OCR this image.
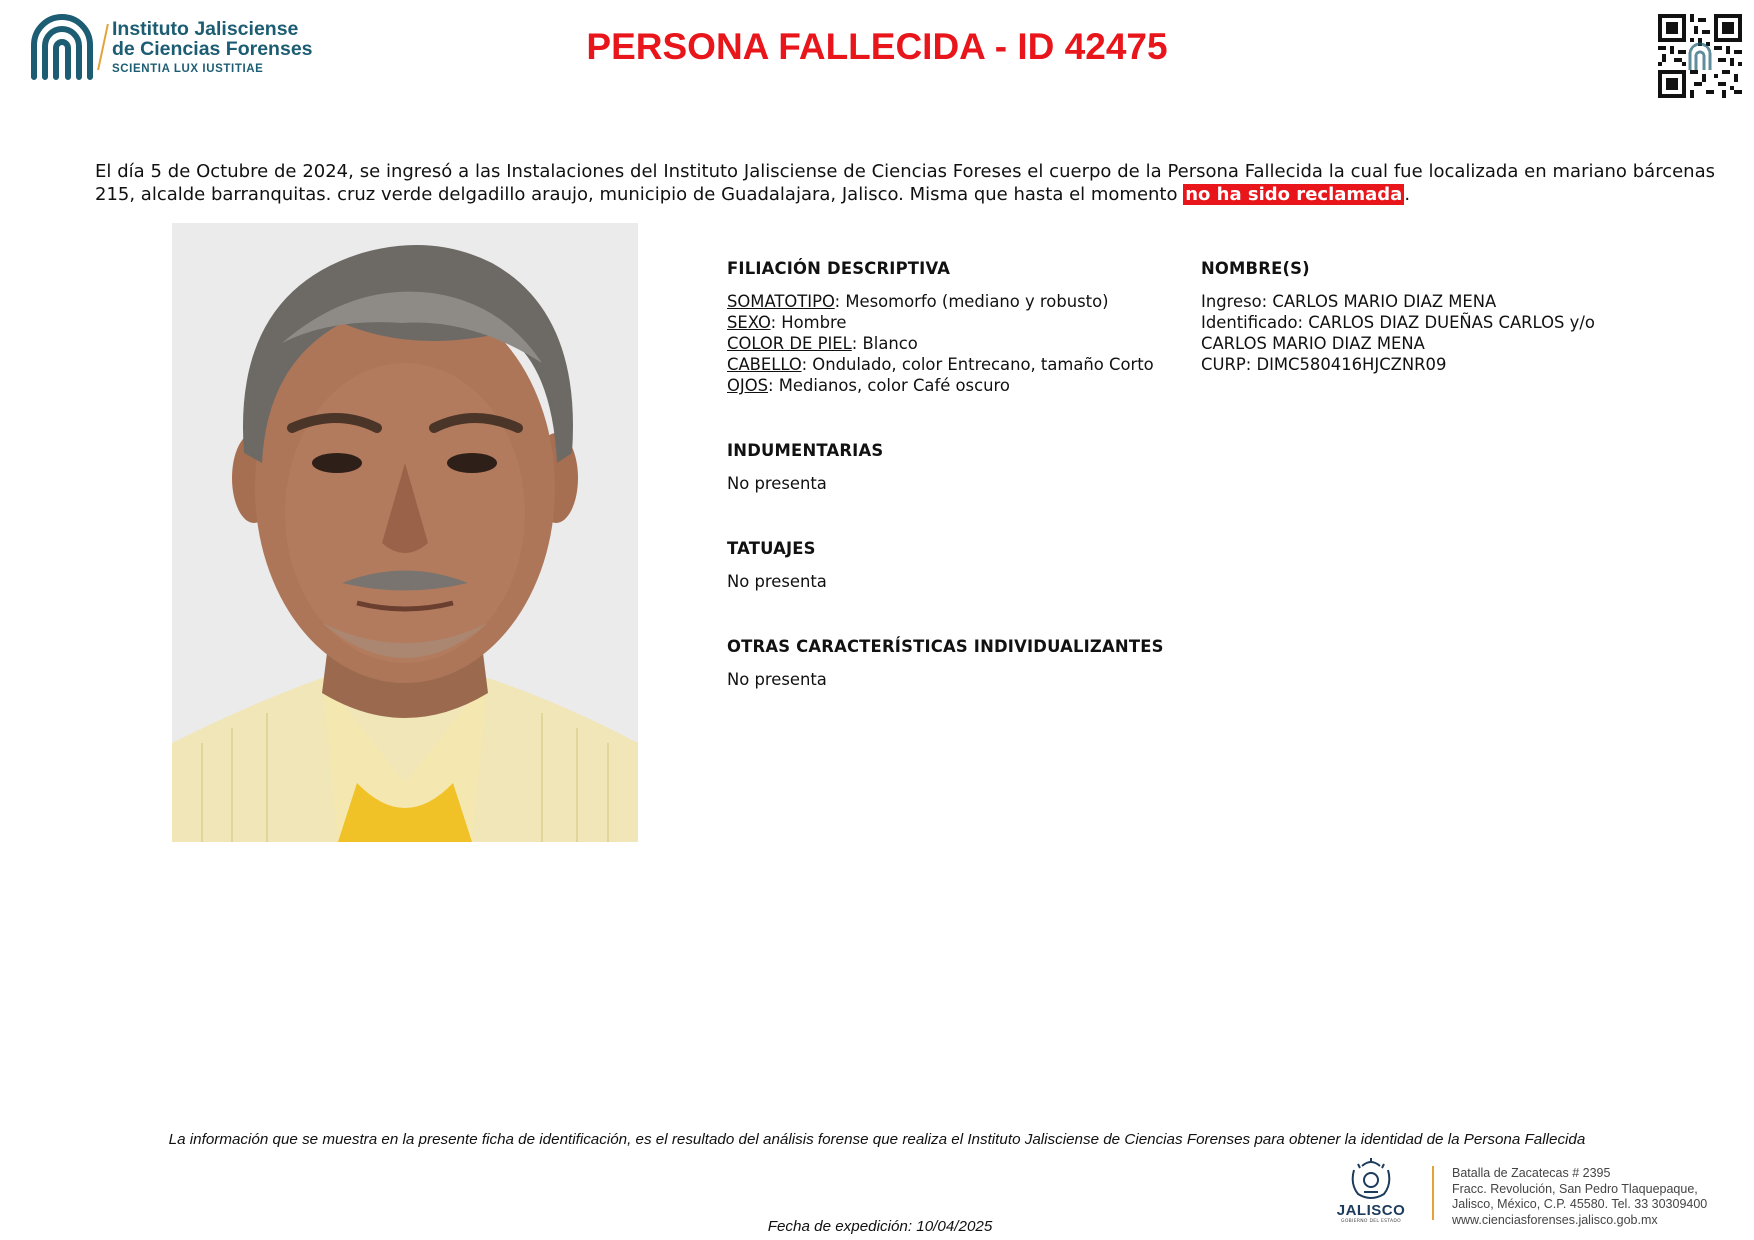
Instituto Jalisciense
de Ciencias Forenses
SCIENTIA LUX IUSTITIAE
PERSONA FALLECIDA - ID 42475

El día 5 de Octubre de 2024, se ingresó a las Instalaciones del Instituto Jalisciense de Ciencias Foreses el cuerpo de la Persona Fallecida la cual fue localizada en mariano bárcenas 215, alcalde barranquitas. cruz verde delgadillo araujo, municipio de Guadalajara, Jalisco. Misma que hasta el momento no ha sido reclamada .

FILIACIÓN DESCRIPTIVA
SOMATOTIPO: Mesomorfo (mediano y robusto)
SEXO: Hombre
COLOR DE PIEL: Blanco
CABELLO: Ondulado, color Entrecano, tamaño Corto
OJOS: Medianos, color Café oscuro
INDUMENTARIAS
No presenta
TATUAJES
No presenta
OTRAS CARACTERÍSTICAS INDIVIDUALIZANTES
No presenta
NOMBRE(S)
Ingreso: CARLOS MARIO DIAZ MENA
Identificado: CARLOS DIAZ DUEÑAS CARLOS y/o
CARLOS MARIO DIAZ MENA
CURP: DIMC580416HJCZNR09
La información que se muestra en la presente ficha de identificación, es el resultado del análisis forense que realiza el Instituto Jalisciense de Ciencias Forenses para obtener la identidad de la Persona Fallecida
Fecha de expedición: 10/04/2025
JALISCO
GOBIERNO DEL ESTADO
Batalla de Zacatecas # 2395
Fracc. Revolución, San Pedro Tlaquepaque,
Jalisco, México, C.P. 45580. Tel. 33 30309400
www.cienciasforenses.jalisco.gob.mx
